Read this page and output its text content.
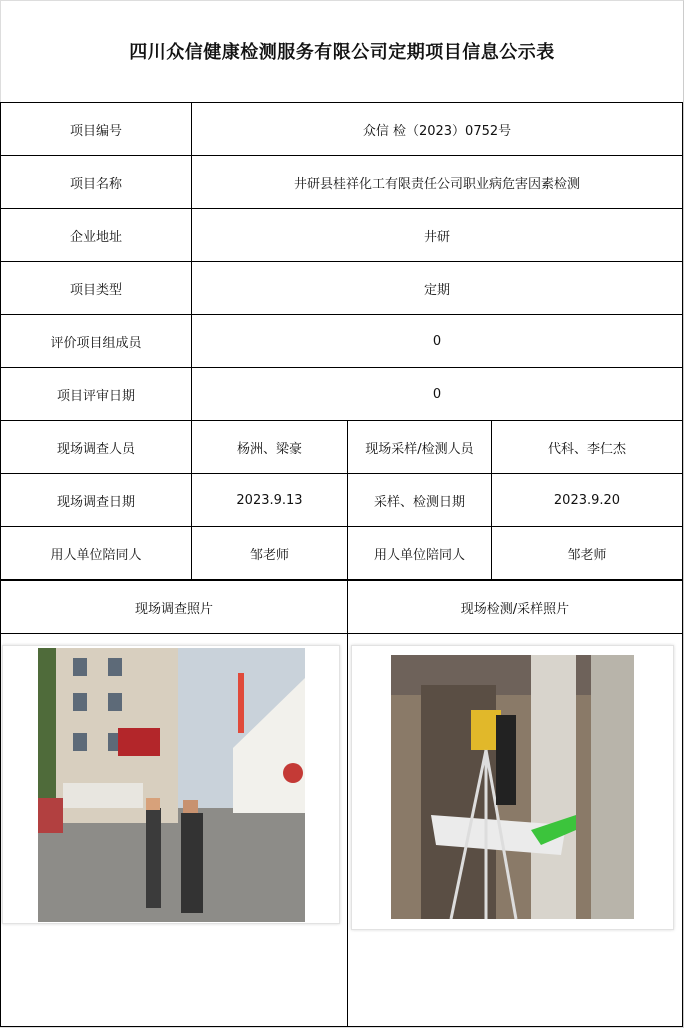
四川众信健康检测服务有限公司定期项目信息公示表
项目编号	众信 检（2023）0752号
项目名称	井研县桂祥化工有限责任公司职业病危害因素检测
企业地址	井研
项目类型	定期
评价项目组成员	0
项目评审日期	0
现场调查人员	杨洲、梁豪	现场采样/检测人员	代科、李仁杰
现场调查日期	2023.9.13	采样、检测日期	2023.9.20
用人单位陪同人	邹老师	用人单位陪同人	邹老师
现场调查照片	现场检测/采样照片
